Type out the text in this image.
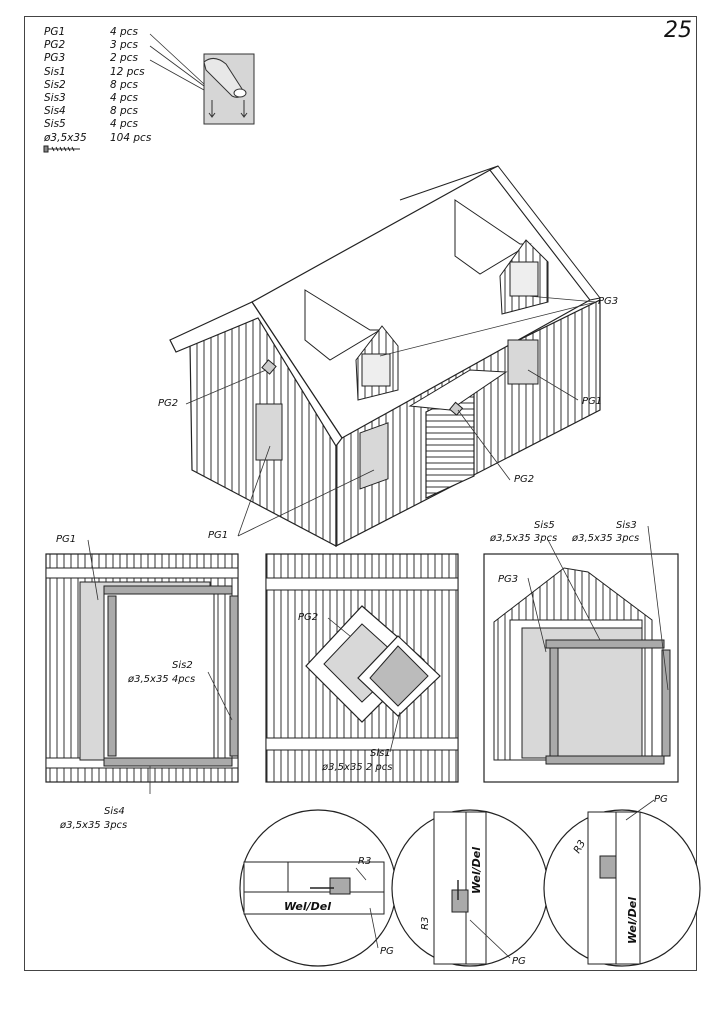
25
PG1	4 pcs
PG2	3 pcs
PG3	2 pcs
Sis1	12 pcs
Sis2	8 pcs
Sis3	4 pcs
Sis4	8 pcs
Sis5	4 pcs
ø3,5x35	104 pcs
PG3
PG2	PG1
PG2
PG1
PG1
Sis2
ø3,5x35 4pcs
Sis4
ø3,5x35 3pcs
PG2
Sis1
ø3,5x35 2 pcs
Sis5
ø3,5x35 3pcs
Sis3
ø3,5x35 3pcs
PG3
R3
Wel/Del
PG
Wel/Del
R3
PG
PG
R3
Wel/Del
